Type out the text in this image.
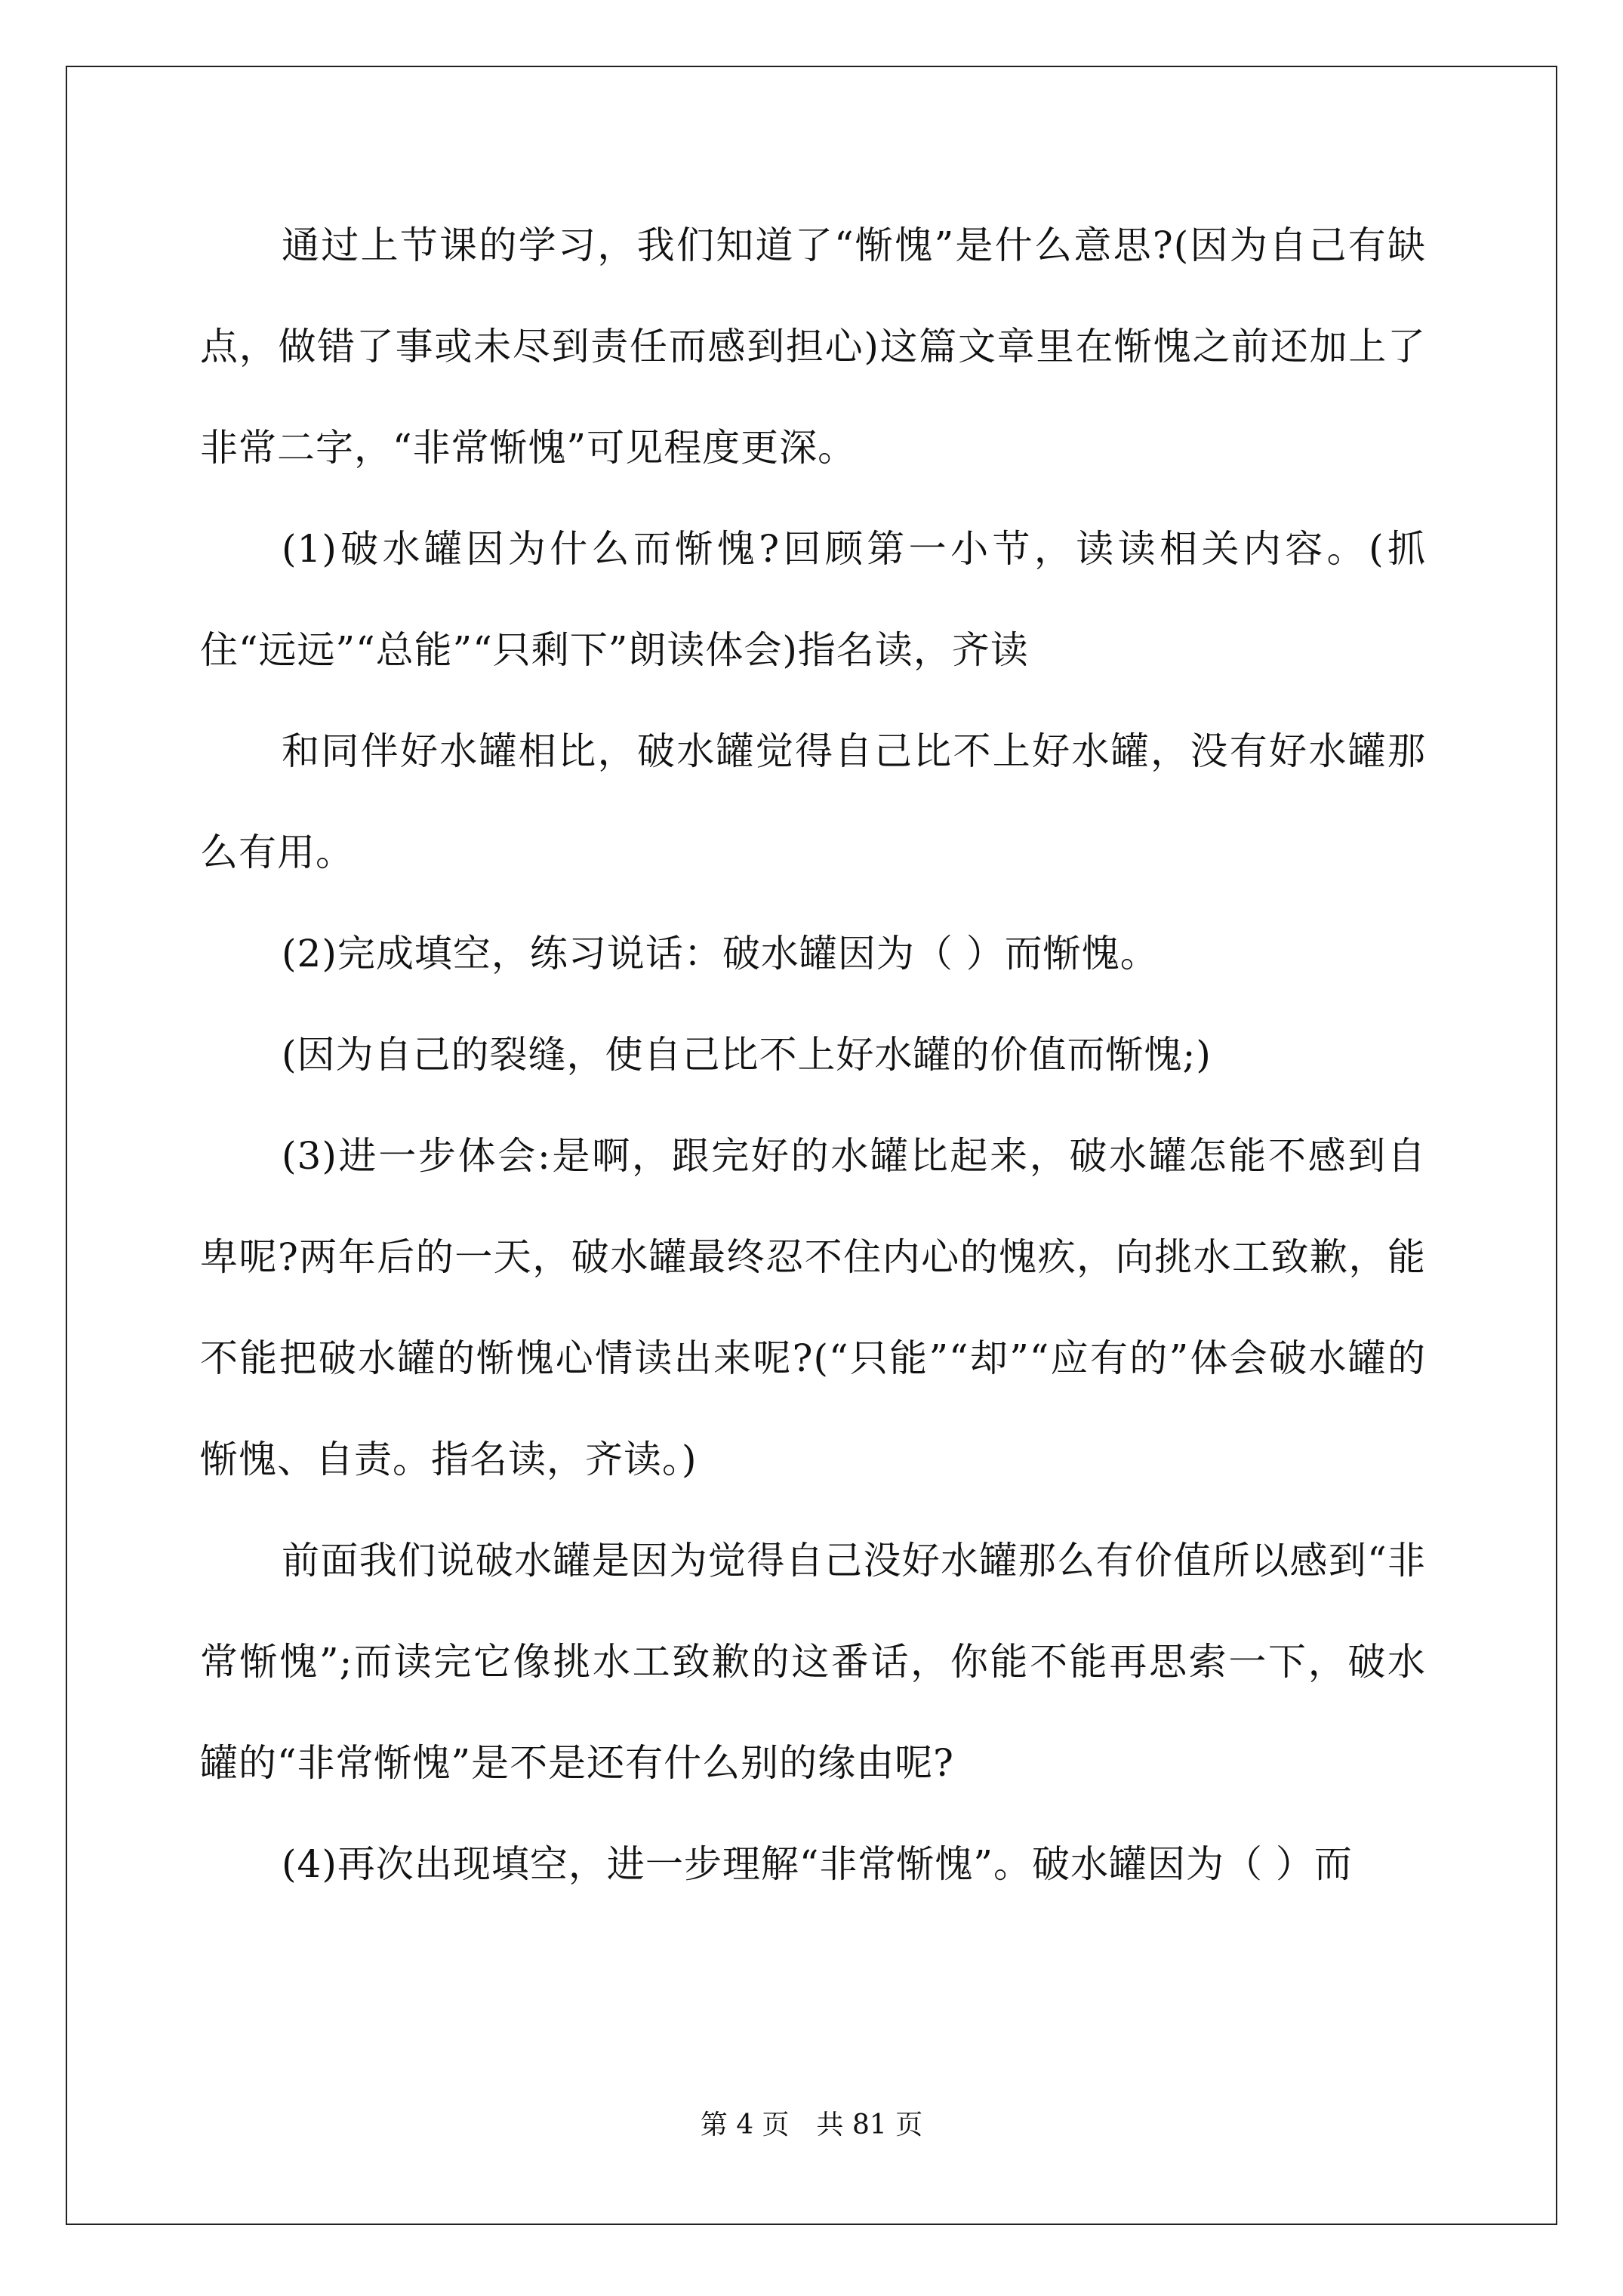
通过上节课的学习，我们知道了“惭愧”是什么意思?(因为自己有缺点，做错了事或未尽到责任而感到担心)这篇文章里在惭愧之前还加上了非常二字，“非常惭愧”可见程度更深。

(1)破水罐因为什么而惭愧?回顾第一小节，读读相关内容。(抓住“远远”“总能”“只剩下”朗读体会)指名读，齐读

和同伴好水罐相比，破水罐觉得自己比不上好水罐，没有好水罐那么有用。

(2)完成填空，练习说话：破水罐因为（ ）而惭愧。

(因为自己的裂缝，使自己比不上好水罐的价值而惭愧;)

(3)进一步体会:是啊，跟完好的水罐比起来，破水罐怎能不感到自卑呢?两年后的一天，破水罐最终忍不住内心的愧疚，向挑水工致歉，能不能把破水罐的惭愧心情读出来呢?(“只能”“却”“应有的”体会破水罐的惭愧、自责。指名读，齐读。)

前面我们说破水罐是因为觉得自己没好水罐那么有价值所以感到“非常惭愧”;而读完它像挑水工致歉的这番话，你能不能再思索一下，破水罐的“非常惭愧”是不是还有什么别的缘由呢?

(4)再次出现填空，进一步理解“非常惭愧”。破水罐因为（ ）而

第 4 页　共 81 页
